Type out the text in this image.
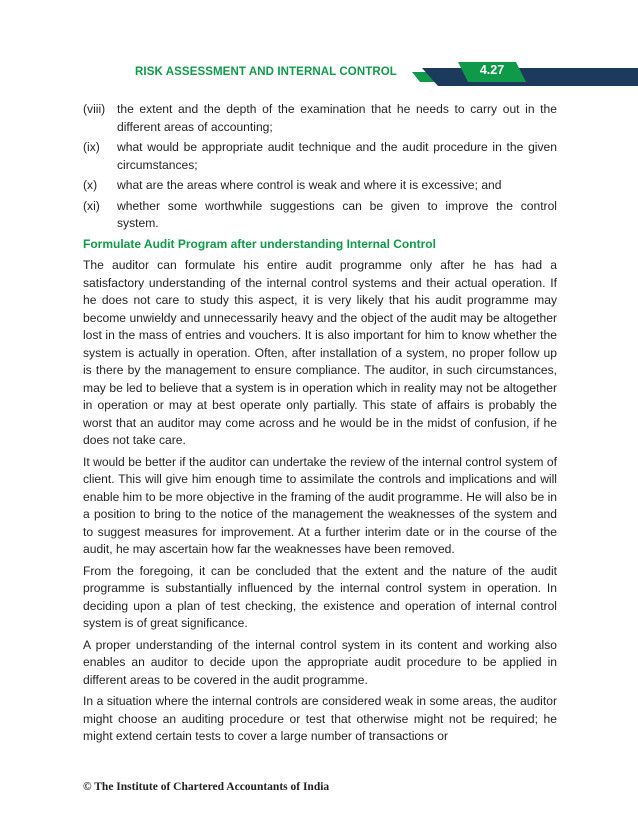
RISK ASSESSMENT AND INTERNAL CONTROL	4.27
(viii) the extent and the depth of the examination that he needs to carry out in the different areas of accounting;
(ix)	what would be appropriate audit technique and the audit procedure in the given circumstances;
(x)	what are the areas where control is weak and where it is excessive; and
(xi)	whether some worthwhile suggestions can be given to improve the control system.
Formulate Audit Program after understanding Internal Control

The auditor can formulate his entire audit programme only after he has had a satisfactory understanding of the internal control systems and their actual operation. If he does not care to study this aspect, it is very likely that his audit programme may become unwieldy and unnecessarily heavy and the object of the audit may be altogether lost in the mass of entries and vouchers. It is also important for him to know whether the system is actually in operation. Often, after installation of a system, no proper follow up is there by the management to ensure compliance. The auditor, in such circumstances, may be led to believe that a system is in operation which in reality may not be altogether in operation or may at best operate only partially. This state of affairs is probably the worst that an auditor may come across and he would be in the midst of confusion, if he does not take care.

It would be better if the auditor can undertake the review of the internal control system of client. This will give him enough time to assimilate the controls and implications and will enable him to be more objective in the framing of the audit programme. He will also be in a position to bring to the notice of the management the weaknesses of the system and to suggest measures for improvement. At a further interim date or in the course of the audit, he may ascertain how far the weaknesses have been removed.

From the foregoing, it can be concluded that the extent and the nature of the audit programme is substantially influenced by the internal control system in operation. In deciding upon a plan of test checking, the existence and operation of internal control system is of great significance.

A proper understanding of the internal control system in its content and working also enables an auditor to decide upon the appropriate audit procedure to be applied in different areas to be covered in the audit programme.

In a situation where the internal controls are considered weak in some areas, the auditor might choose an auditing procedure or test that otherwise might not be required; he might extend certain tests to cover a large number of transactions or

© The Institute of Chartered Accountants of India
